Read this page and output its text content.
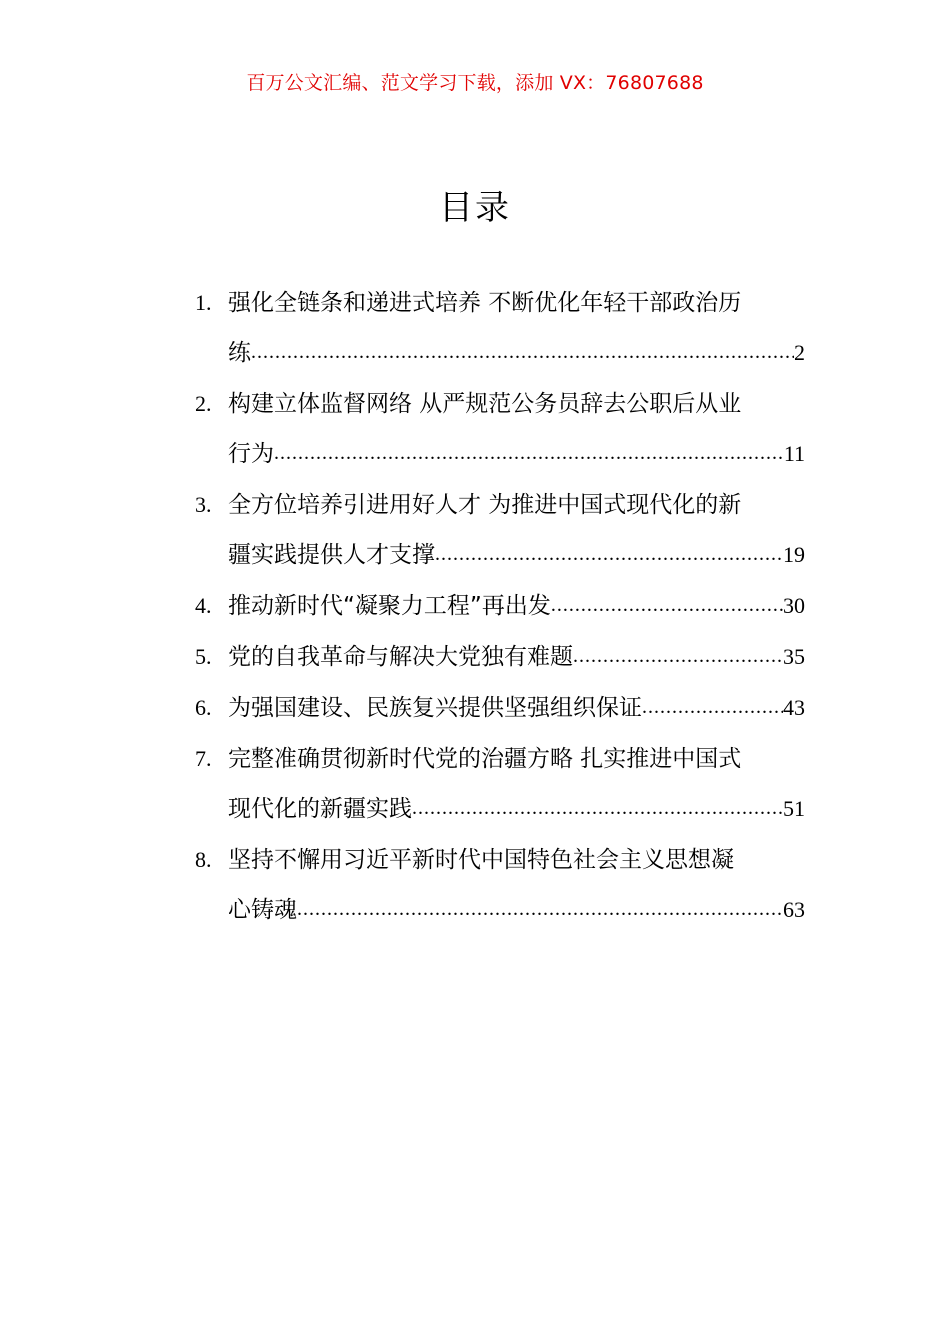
百万公文汇编、范文学习下载，添加 VX：76807688
目录
1. 强化全链条和递进式培养 不断优化年轻干部政治历
练 .....	2
2. 构建立体监督网络 从严规范公务员辞去公职后从业
行为 .....	11
3. 全方位培养引进用好人才 为推进中国式现代化的新
疆实践提供人才支撑 .....	19
4. 推动新时代“凝聚力工程”再出发 .....	30
5. 党的自我革命与解决大党独有难题 .....	35
6. 为强国建设、民族复兴提供坚强组织保证 .....	43
7. 完整准确贯彻新时代党的治疆方略 扎实推进中国式
现代化的新疆实践 .....	51
8. 坚持不懈用习近平新时代中国特色社会主义思想凝
心铸魂 .....	63
